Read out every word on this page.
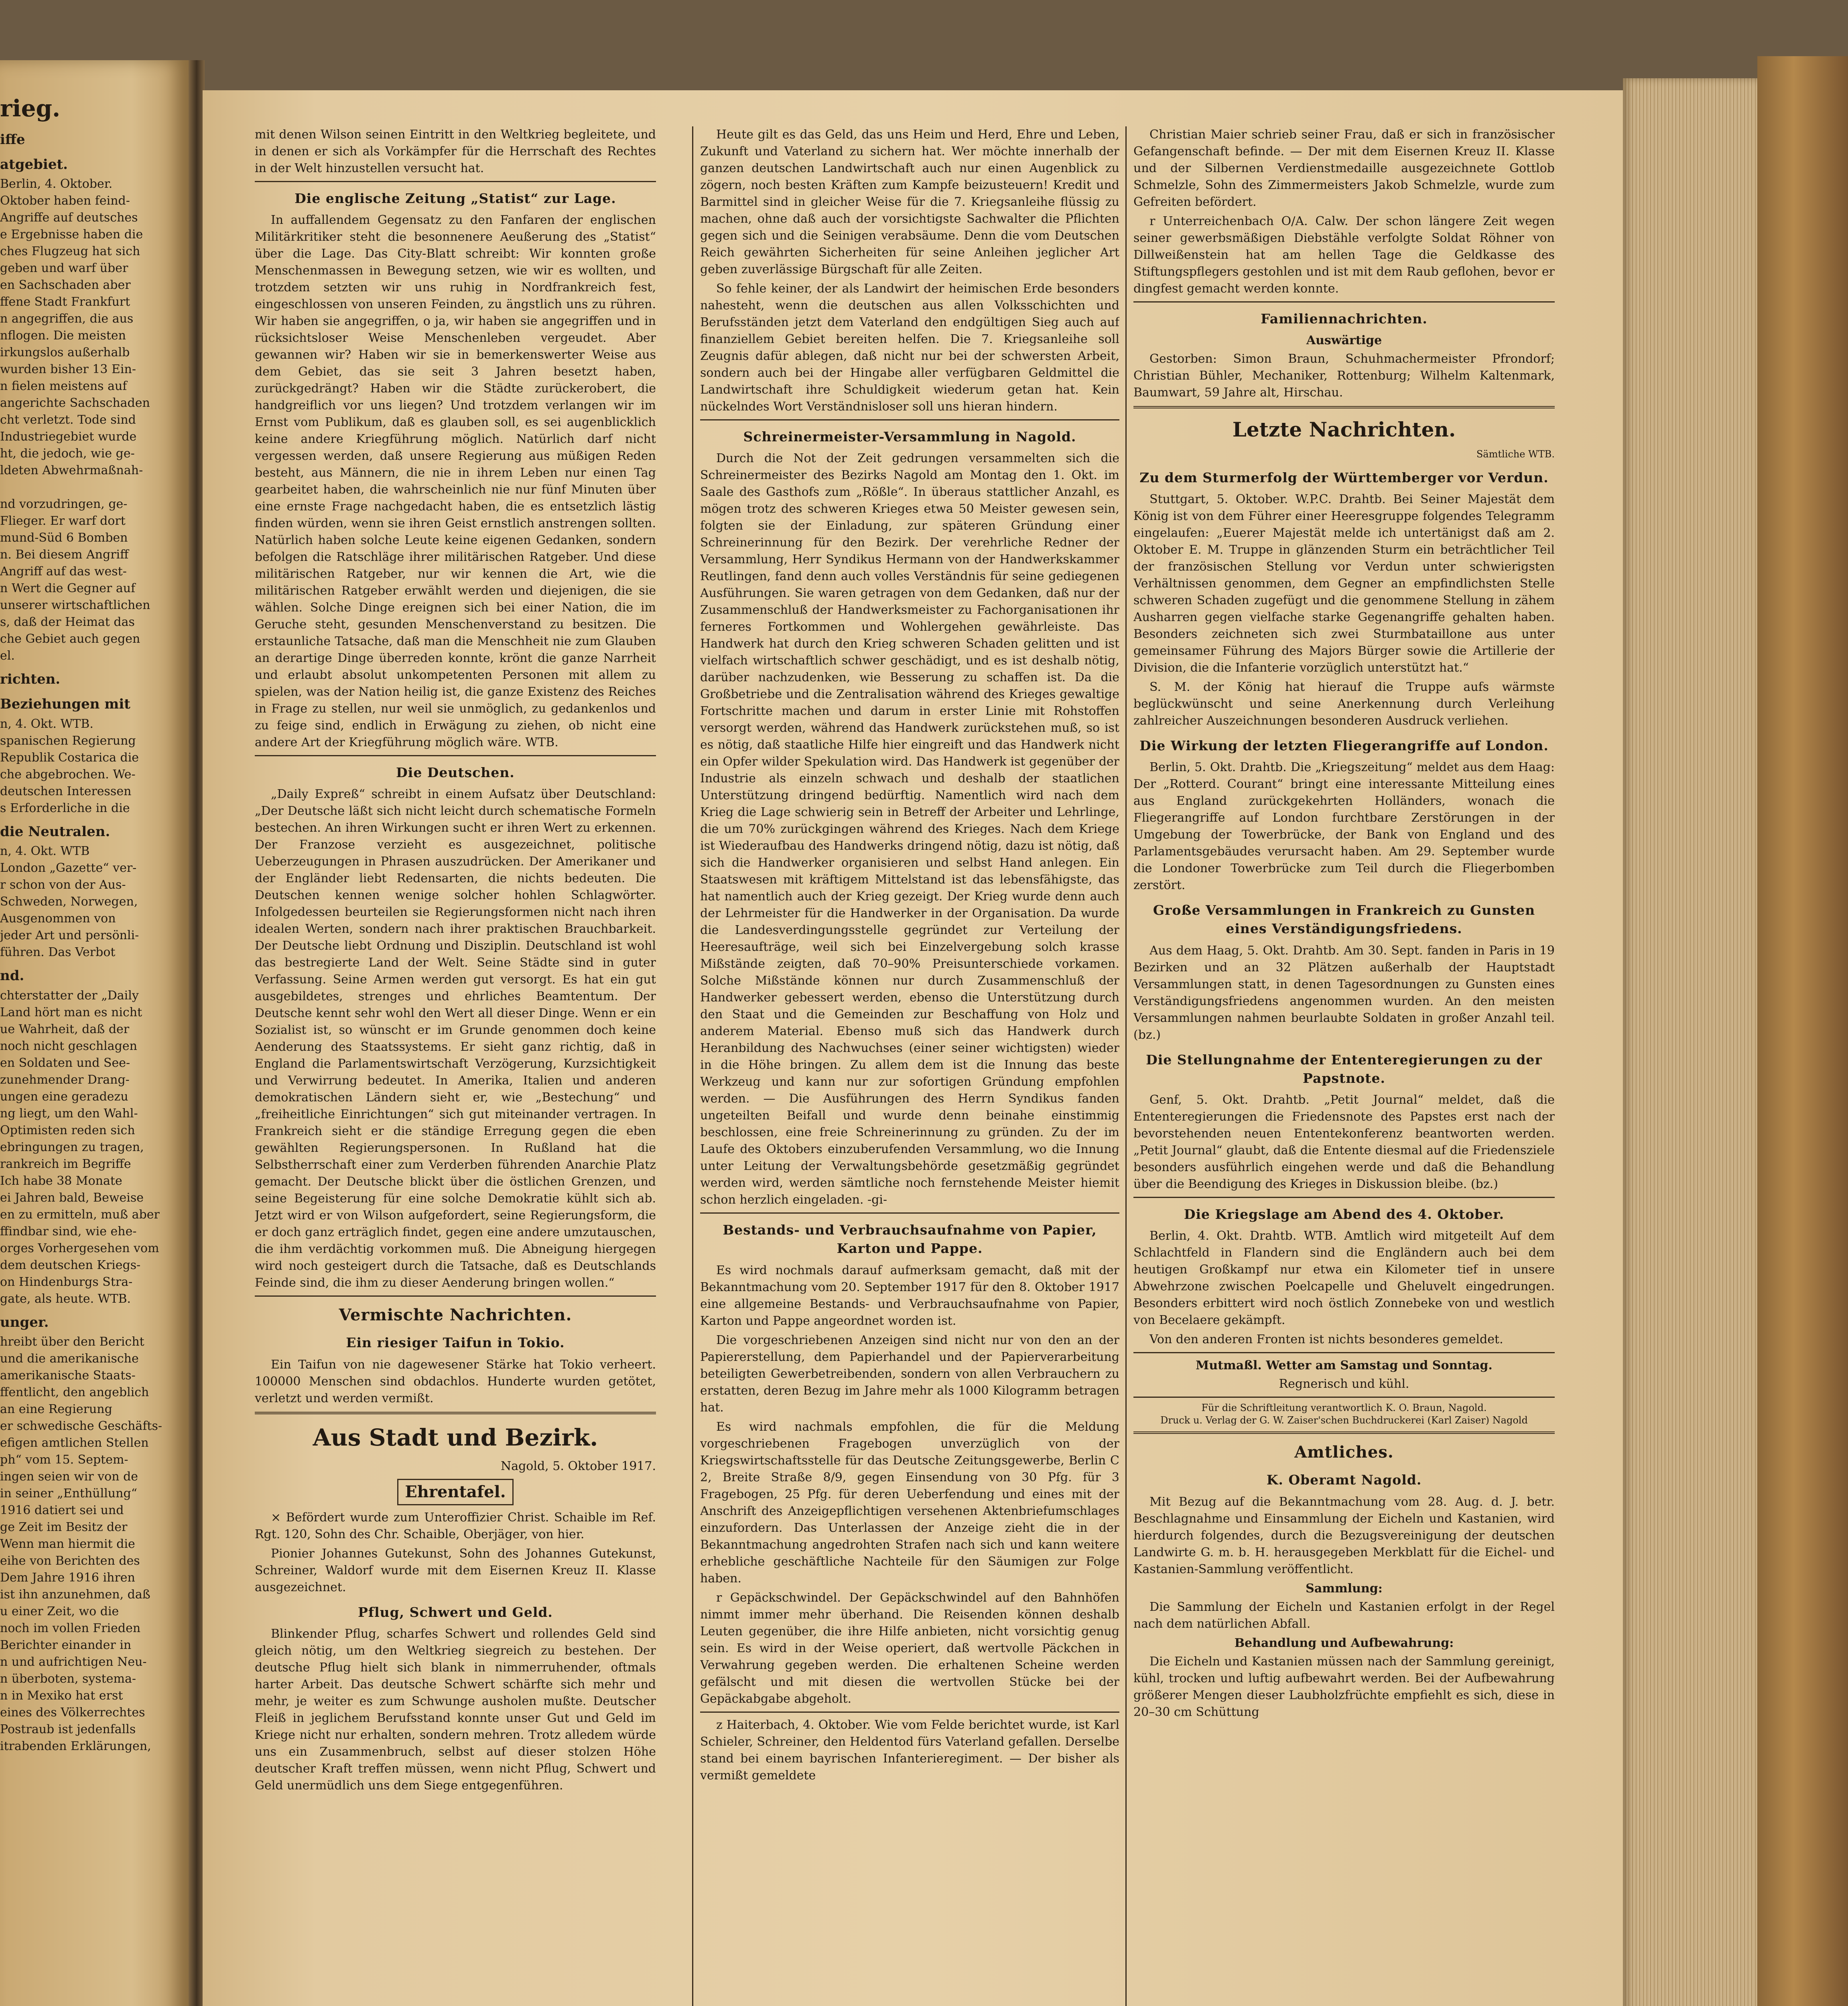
rieg.
iffe
atgebiet.

Berlin, 4. Oktober.

Oktober haben feind-

Angriffe auf deutsches

e Ergebnisse haben die

ches Flugzeug hat sich

geben und warf über

en Sachschaden aber

ffene Stadt Frankfurt

n angegriffen, die aus

nflogen. Die meisten

irkungslos außerhalb

wurden bisher 13 Ein-

n fielen meistens auf

angerichte Sachschaden

cht verletzt. Tode sind

Industriegebiet wurde

ht, die jedoch, wie ge-

ldeten Abwehrmaßnah-

nd vorzudringen, ge-

Flieger. Er warf dort

mund-Süd 6 Bomben

n. Bei diesem Angriff

Angriff auf das west-

n Wert die Gegner auf

unserer wirtschaftlichen

s, daß der Heimat das

che Gebiet auch gegen

el.

richten.
Beziehungen mit

n, 4. Okt. WTB.

spanischen Regierung

Republik Costarica die

che abgebrochen. We-

deutschen Interessen

s Erforderliche in die

die Neutralen.

n, 4. Okt. WTB

London „Gazette“ ver-

r schon von der Aus-

Schweden, Norwegen,

Ausgenommen von

jeder Art und persönli-

führen. Das Verbot

nd.

chterstatter der „Daily

Land hört man es nicht

ue Wahrheit, daß der

noch nicht geschlagen

en Soldaten und See-

zunehmender Drang-

ungen eine geradezu

ng liegt, um den Wahl-

Optimisten reden sich

ebringungen zu tragen,

rankreich im Begriffe

Ich habe 38 Monate

ei Jahren bald, Beweise

en zu ermitteln, muß aber

ffindbar sind, wie ehe-

orges Vorhergesehen vom

dem deutschen Kriegs-

on Hindenburgs Stra-

gate, als heute. WTB.

unger.

hreibt über den Bericht

und die amerikanische

amerikanische Staats-

ffentlicht, den angeblich

an eine Regierung

er schwedische Geschäfts-

efigen amtlichen Stellen

ph“ vom 15. Septem-

ingen seien wir von de

in seiner „Enthüllung“

1916 datiert sei und

ge Zeit im Besitz der

Wenn man hiermit die

eihe von Berichten des

Dem Jahre 1916 ihren

ist ihn anzunehmen, daß

u einer Zeit, wo die

noch im vollen Frieden

Berichter einander in

n und aufrichtigen Neu-

n überboten, systema-

n in Mexiko hat erst

eines des Völkerrechtes

Postraub ist jedenfalls

itrabenden Erklärungen,

mit denen Wilson seinen Eintritt in den Weltkrieg begleitete, und in denen er sich als Vorkämpfer für die Herrschaft des Rechtes in der Welt hinzustellen versucht hat.

Die englische Zeitung „Statist“ zur Lage.

In auffallendem Gegensatz zu den Fanfaren der englischen Militärkritiker steht die besonnenere Aeußerung des „Statist“ über die Lage. Das City-Blatt schreibt: Wir konnten große Menschenmassen in Bewegung setzen, wie wir es wollten, und trotzdem setzten wir uns ruhig in Nordfrankreich fest, eingeschlossen von unseren Feinden, zu ängstlich uns zu rühren. Wir haben sie angegriffen, o ja, wir haben sie angegriffen und in rücksichtsloser Weise Menschenleben vergeudet. Aber gewannen wir? Haben wir sie in bemerkenswerter Weise aus dem Gebiet, das sie seit 3 Jahren besetzt haben, zurückgedrängt? Haben wir die Städte zurückerobert, die handgreiflich vor uns liegen? Und trotzdem verlangen wir im Ernst vom Publikum, daß es glauben soll, es sei augenblicklich keine andere Kriegführung möglich. Natürlich darf nicht vergessen werden, daß unsere Regierung aus müßigen Reden besteht, aus Männern, die nie in ihrem Leben nur einen Tag gearbeitet haben, die wahrscheinlich nie nur fünf Minuten über eine ernste Frage nachgedacht haben, die es entsetzlich lästig finden würden, wenn sie ihren Geist ernstlich anstrengen sollten. Natürlich haben solche Leute keine eigenen Gedanken, sondern befolgen die Ratschläge ihrer militärischen Ratgeber. Und diese militärischen Ratgeber, nur wir kennen die Art, wie die militärischen Ratgeber erwählt werden und diejenigen, die sie wählen. Solche Dinge ereignen sich bei einer Nation, die im Geruche steht, gesunden Menschenverstand zu besitzen. Die erstaunliche Tatsache, daß man die Menschheit nie zum Glauben an derartige Dinge überreden konnte, krönt die ganze Narrheit und erlaubt absolut unkompetenten Personen mit allem zu spielen, was der Nation heilig ist, die ganze Existenz des Reiches in Frage zu stellen, nur weil sie unmöglich, zu gedankenlos und zu feige sind, endlich in Erwägung zu ziehen, ob nicht eine andere Art der Kriegführung möglich wäre. WTB.

Die Deutschen.

„Daily Expreß“ schreibt in einem Aufsatz über Deutschland: „Der Deutsche läßt sich nicht leicht durch schematische Formeln bestechen. An ihren Wirkungen sucht er ihren Wert zu erkennen. Der Franzose verzieht es ausgezeichnet, politische Ueberzeugungen in Phrasen auszudrücken. Der Amerikaner und der Engländer liebt Redensarten, die nichts bedeuten. Die Deutschen kennen wenige solcher hohlen Schlagwörter. Infolgedessen beurteilen sie Regierungsformen nicht nach ihren idealen Werten, sondern nach ihrer praktischen Brauchbarkeit. Der Deutsche liebt Ordnung und Disziplin. Deutschland ist wohl das bestregierte Land der Welt. Seine Städte sind in guter Verfassung. Seine Armen werden gut versorgt. Es hat ein gut ausgebildetes, strenges und ehrliches Beamtentum. Der Deutsche kennt sehr wohl den Wert all dieser Dinge. Wenn er ein Sozialist ist, so wünscht er im Grunde genommen doch keine Aenderung des Staatssystems. Er sieht ganz richtig, daß in England die Parlamentswirtschaft Verzögerung, Kurzsichtigkeit und Verwirrung bedeutet. In Amerika, Italien und anderen demokratischen Ländern sieht er, wie „Bestechung“ und „freiheitliche Einrichtungen“ sich gut miteinander vertragen. In Frankreich sieht er die ständige Erregung gegen die eben gewählten Regierungspersonen. In Rußland hat die Selbstherrschaft einer zum Verderben führenden Anarchie Platz gemacht. Der Deutsche blickt über die östlichen Grenzen, und seine Begeisterung für eine solche Demokratie kühlt sich ab. Jetzt wird er von Wilson aufgefordert, seine Regierungsform, die er doch ganz erträglich findet, gegen eine andere umzutauschen, die ihm verdächtig vorkommen muß. Die Abneigung hiergegen wird noch gesteigert durch die Tatsache, daß es Deutschlands Feinde sind, die ihm zu dieser Aenderung bringen wollen.“

Vermischte Nachrichten.
Ein riesiger Taifun in Tokio.

Ein Taifun von nie dagewesener Stärke hat Tokio verheert. 100000 Menschen sind obdachlos. Hunderte wurden getötet, verletzt und werden vermißt.

Aus Stadt und Bezirk.
Nagold, 5. Oktober 1917.
Ehrentafel.

× Befördert wurde zum Unteroffizier Christ. Schaible im Ref. Rgt. 120, Sohn des Chr. Schaible, Oberjäger, von hier.

Pionier Johannes Gutekunst, Sohn des Johannes Gutekunst, Schreiner, Waldorf wurde mit dem Eisernen Kreuz II. Klasse ausgezeichnet.

Pflug, Schwert und Geld.

Blinkender Pflug, scharfes Schwert und rollendes Geld sind gleich nötig, um den Weltkrieg siegreich zu bestehen. Der deutsche Pflug hielt sich blank in nimmerruhender, oftmals harter Arbeit. Das deutsche Schwert schärfte sich mehr und mehr, je weiter es zum Schwunge ausholen mußte. Deutscher Fleiß in jeglichem Berufsstand konnte unser Gut und Geld im Kriege nicht nur erhalten, sondern mehren. Trotz alledem würde uns ein Zusammenbruch, selbst auf dieser stolzen Höhe deutscher Kraft treffen müssen, wenn nicht Pflug, Schwert und Geld unermüdlich uns dem Siege entgegenführen.

Heute gilt es das Geld, das uns Heim und Herd, Ehre und Leben, Zukunft und Vaterland zu sichern hat. Wer möchte innerhalb der ganzen deutschen Landwirtschaft auch nur einen Augenblick zu zögern, noch besten Kräften zum Kampfe beizusteuern! Kredit und Barmittel sind in gleicher Weise für die 7. Kriegsanleihe flüssig zu machen, ohne daß auch der vorsichtigste Sachwalter die Pflichten gegen sich und die Seinigen verabsäume. Denn die vom Deutschen Reich gewährten Sicherheiten für seine Anleihen jeglicher Art geben zuverlässige Bürgschaft für alle Zeiten.

So fehle keiner, der als Landwirt der heimischen Erde besonders nahesteht, wenn die deutschen aus allen Volksschichten und Berufsständen jetzt dem Vaterland den endgültigen Sieg auch auf finanziellem Gebiet bereiten helfen. Die 7. Kriegsanleihe soll Zeugnis dafür ablegen, daß nicht nur bei der schwersten Arbeit, sondern auch bei der Hingabe aller verfügbaren Geldmittel die Landwirtschaft ihre Schuldigkeit wiederum getan hat. Kein nückelndes Wort Verständnisloser soll uns hieran hindern.

Schreinermeister-Versammlung in Nagold.

Durch die Not der Zeit gedrungen versammelten sich die Schreinermeister des Bezirks Nagold am Montag den 1. Okt. im Saale des Gasthofs zum „Rößle“. In überaus stattlicher Anzahl, es mögen trotz des schweren Krieges etwa 50 Meister gewesen sein, folgten sie der Einladung, zur späteren Gründung einer Schreinerinnung für den Bezirk. Der verehrliche Redner der Versammlung, Herr Syndikus Hermann von der Handwerkskammer Reutlingen, fand denn auch volles Verständnis für seine gediegenen Ausführungen. Sie waren getragen von dem Gedanken, daß nur der Zusammenschluß der Handwerksmeister zu Fachorganisationen ihr ferneres Fortkommen und Wohlergehen gewährleiste. Das Handwerk hat durch den Krieg schweren Schaden gelitten und ist vielfach wirtschaftlich schwer geschädigt, und es ist deshalb nötig, darüber nachzudenken, wie Besserung zu schaffen ist. Da die Großbetriebe und die Zentralisation während des Krieges gewaltige Fortschritte machen und darum in erster Linie mit Rohstoffen versorgt werden, während das Handwerk zurückstehen muß, so ist es nötig, daß staatliche Hilfe hier eingreift und das Handwerk nicht ein Opfer wilder Spekulation wird. Das Handwerk ist gegenüber der Industrie als einzeln schwach und deshalb der staatlichen Unterstützung dringend bedürftig. Namentlich wird nach dem Krieg die Lage schwierig sein in Betreff der Arbeiter und Lehrlinge, die um 70% zurückgingen während des Krieges. Nach dem Kriege ist Wiederaufbau des Handwerks dringend nötig, dazu ist nötig, daß sich die Handwerker organisieren und selbst Hand anlegen. Ein Staatswesen mit kräftigem Mittelstand ist das lebensfähigste, das hat namentlich auch der Krieg gezeigt. Der Krieg wurde denn auch der Lehrmeister für die Handwerker in der Organisation. Da wurde die Landesverdingungsstelle gegründet zur Verteilung der Heeresaufträge, weil sich bei Einzelvergebung solch krasse Mißstände zeigten, daß 70–90% Preisunterschiede vorkamen. Solche Mißstände können nur durch Zusammenschluß der Handwerker gebessert werden, ebenso die Unterstützung durch den Staat und die Gemeinden zur Beschaffung von Holz und anderem Material. Ebenso muß sich das Handwerk durch Heranbildung des Nachwuchses (einer seiner wichtigsten) wieder in die Höhe bringen. Zu allem dem ist die Innung das beste Werkzeug und kann nur zur sofortigen Gründung empfohlen werden. — Die Ausführungen des Herrn Syndikus fanden ungeteilten Beifall und wurde denn beinahe einstimmig beschlossen, eine freie Schreinerinnung zu gründen. Zu der im Laufe des Oktobers einzuberufenden Versammlung, wo die Innung unter Leitung der Verwaltungsbehörde gesetzmäßig gegründet werden wird, werden sämtliche noch fernstehende Meister hiemit schon herzlich eingeladen. -gi-

Bestands- und Verbrauchsaufnahme von Papier, Karton und Pappe.

Es wird nochmals darauf aufmerksam gemacht, daß mit der Bekanntmachung vom 20. September 1917 für den 8. Oktober 1917 eine allgemeine Bestands- und Verbrauchsaufnahme von Papier, Karton und Pappe angeordnet worden ist.

Die vorgeschriebenen Anzeigen sind nicht nur von den an der Papiererstellung, dem Papierhandel und der Papierverarbeitung beteiligten Gewerbetreibenden, sondern von allen Verbrauchern zu erstatten, deren Bezug im Jahre mehr als 1000 Kilogramm betragen hat.

Es wird nachmals empfohlen, die für die Meldung vorgeschriebenen Fragebogen unverzüglich von der Kriegswirtschaftsstelle für das Deutsche Zeitungsgewerbe, Berlin C 2, Breite Straße 8/9, gegen Einsendung von 30 Pfg. für 3 Fragebogen, 25 Pfg. für deren Ueberfendung und eines mit der Anschrift des Anzeigepflichtigen versehenen Aktenbriefumschlages einzufordern. Das Unterlassen der Anzeige zieht die in der Bekanntmachung angedrohten Strafen nach sich und kann weitere erhebliche geschäftliche Nachteile für den Säumigen zur Folge haben.

r Gepäckschwindel. Der Gepäckschwindel auf den Bahnhöfen nimmt immer mehr überhand. Die Reisenden können deshalb Leuten gegenüber, die ihre Hilfe anbieten, nicht vorsichtig genug sein. Es wird in der Weise operiert, daß wertvolle Päckchen in Verwahrung gegeben werden. Die erhaltenen Scheine werden gefälscht und mit diesen die wertvollen Stücke bei der Gepäckabgabe abgeholt.

z Haiterbach, 4. Oktober. Wie vom Felde berichtet wurde, ist Karl Schieler, Schreiner, den Heldentod fürs Vaterland gefallen. Derselbe stand bei einem bayrischen Infanterieregiment. — Der bisher als vermißt gemeldete

Christian Maier schrieb seiner Frau, daß er sich in französischer Gefangenschaft befinde. — Der mit dem Eisernen Kreuz II. Klasse und der Silbernen Verdienstmedaille ausgezeichnete Gottlob Schmelzle, Sohn des Zimmermeisters Jakob Schmelzle, wurde zum Gefreiten befördert.

r Unterreichenbach O/A. Calw. Der schon längere Zeit wegen seiner gewerbsmäßigen Diebstähle verfolgte Soldat Röhner von Dillweißenstein hat am hellen Tage die Geldkasse des Stiftungspflegers gestohlen und ist mit dem Raub geflohen, bevor er dingfest gemacht werden konnte.

Familiennachrichten.
Auswärtige

Gestorben: Simon Braun, Schuhmachermeister Pfrondorf; Christian Bühler, Mechaniker, Rottenburg; Wilhelm Kaltenmark, Baumwart, 59 Jahre alt, Hirschau.

Letzte Nachrichten.
Sämtliche WTB.
Zu dem Sturmerfolg der Württemberger vor Verdun.

Stuttgart, 5. Oktober. W.P.C. Drahtb. Bei Seiner Majestät dem König ist von dem Führer einer Heeresgruppe folgendes Telegramm eingelaufen: „Euerer Majestät melde ich untertänigst daß am 2. Oktober E. M. Truppe in glänzenden Sturm ein beträchtlicher Teil der französischen Stellung vor Verdun unter schwierigsten Verhältnissen genommen, dem Gegner an empfindlichsten Stelle schweren Schaden zugefügt und die genommene Stellung in zähem Ausharren gegen vielfache starke Gegenangriffe gehalten haben. Besonders zeichneten sich zwei Sturmbataillone aus unter gemeinsamer Führung des Majors Bürger sowie die Artillerie der Division, die die Infanterie vorzüglich unterstützt hat.“

S. M. der König hat hierauf die Truppe aufs wärmste beglückwünscht und seine Anerkennung durch Verleihung zahlreicher Auszeichnungen besonderen Ausdruck verliehen.

Die Wirkung der letzten Fliegerangriffe auf London.

Berlin, 5. Okt. Drahtb. Die „Kriegszeitung“ meldet aus dem Haag: Der „Rotterd. Courant“ bringt eine interessante Mitteilung eines aus England zurückgekehrten Holländers, wonach die Fliegerangriffe auf London furchtbare Zerstörungen in der Umgebung der Towerbrücke, der Bank von England und des Parlamentsgebäudes verursacht haben. Am 29. September wurde die Londoner Towerbrücke zum Teil durch die Fliegerbomben zerstört.

Große Versammlungen in Frankreich zu Gunsten eines Verständigungsfriedens.

Aus dem Haag, 5. Okt. Drahtb. Am 30. Sept. fanden in Paris in 19 Bezirken und an 32 Plätzen außerhalb der Hauptstadt Versammlungen statt, in denen Tagesordnungen zu Gunsten eines Verständigungsfriedens angenommen wurden. An den meisten Versammlungen nahmen beurlaubte Soldaten in großer Anzahl teil. (bz.)

Die Stellungnahme der Ententeregierungen zu der Papstnote.

Genf, 5. Okt. Drahtb. „Petit Journal“ meldet, daß die Ententeregierungen die Friedensnote des Papstes erst nach der bevorstehenden neuen Ententekonferenz beantworten werden. „Petit Journal“ glaubt, daß die Entente diesmal auf die Friedensziele besonders ausführlich eingehen werde und daß die Behandlung über die Beendigung des Krieges in Diskussion bleibe. (bz.)

Die Kriegslage am Abend des 4. Oktober.

Berlin, 4. Okt. Drahtb. WTB. Amtlich wird mitgeteilt Auf dem Schlachtfeld in Flandern sind die Engländern auch bei dem heutigen Großkampf nur etwa ein Kilometer tief in unsere Abwehrzone zwischen Poelcapelle und Gheluvelt eingedrungen. Besonders erbittert wird noch östlich Zonnebeke von und westlich von Becelaere gekämpft.

Von den anderen Fronten ist nichts besonderes gemeldet.

Mutmaßl. Wetter am Samstag und Sonntag.
Regnerisch und kühl.
Für die Schriftleitung verantwortlich K. O. Braun, Nagold.
Druck u. Verlag der G. W. Zaiser'schen Buchdruckerei (Karl Zaiser) Nagold
Amtliches.
K. Oberamt Nagold.

Mit Bezug auf die Bekanntmachung vom 28. Aug. d. J. betr. Beschlagnahme und Einsammlung der Eicheln und Kastanien, wird hierdurch folgendes, durch die Bezugsvereinigung der deutschen Landwirte G. m. b. H. herausgegeben Merkblatt für die Eichel- und Kastanien-Sammlung veröffentlicht.

Sammlung:

Die Sammlung der Eicheln und Kastanien erfolgt in der Regel nach dem natürlichen Abfall.

Behandlung und Aufbewahrung:

Die Eicheln und Kastanien müssen nach der Sammlung gereinigt, kühl, trocken und luftig aufbewahrt werden. Bei der Aufbewahrung größerer Mengen dieser Laubholzfrüchte empfiehlt es sich, diese in 20–30 cm Schüttung
